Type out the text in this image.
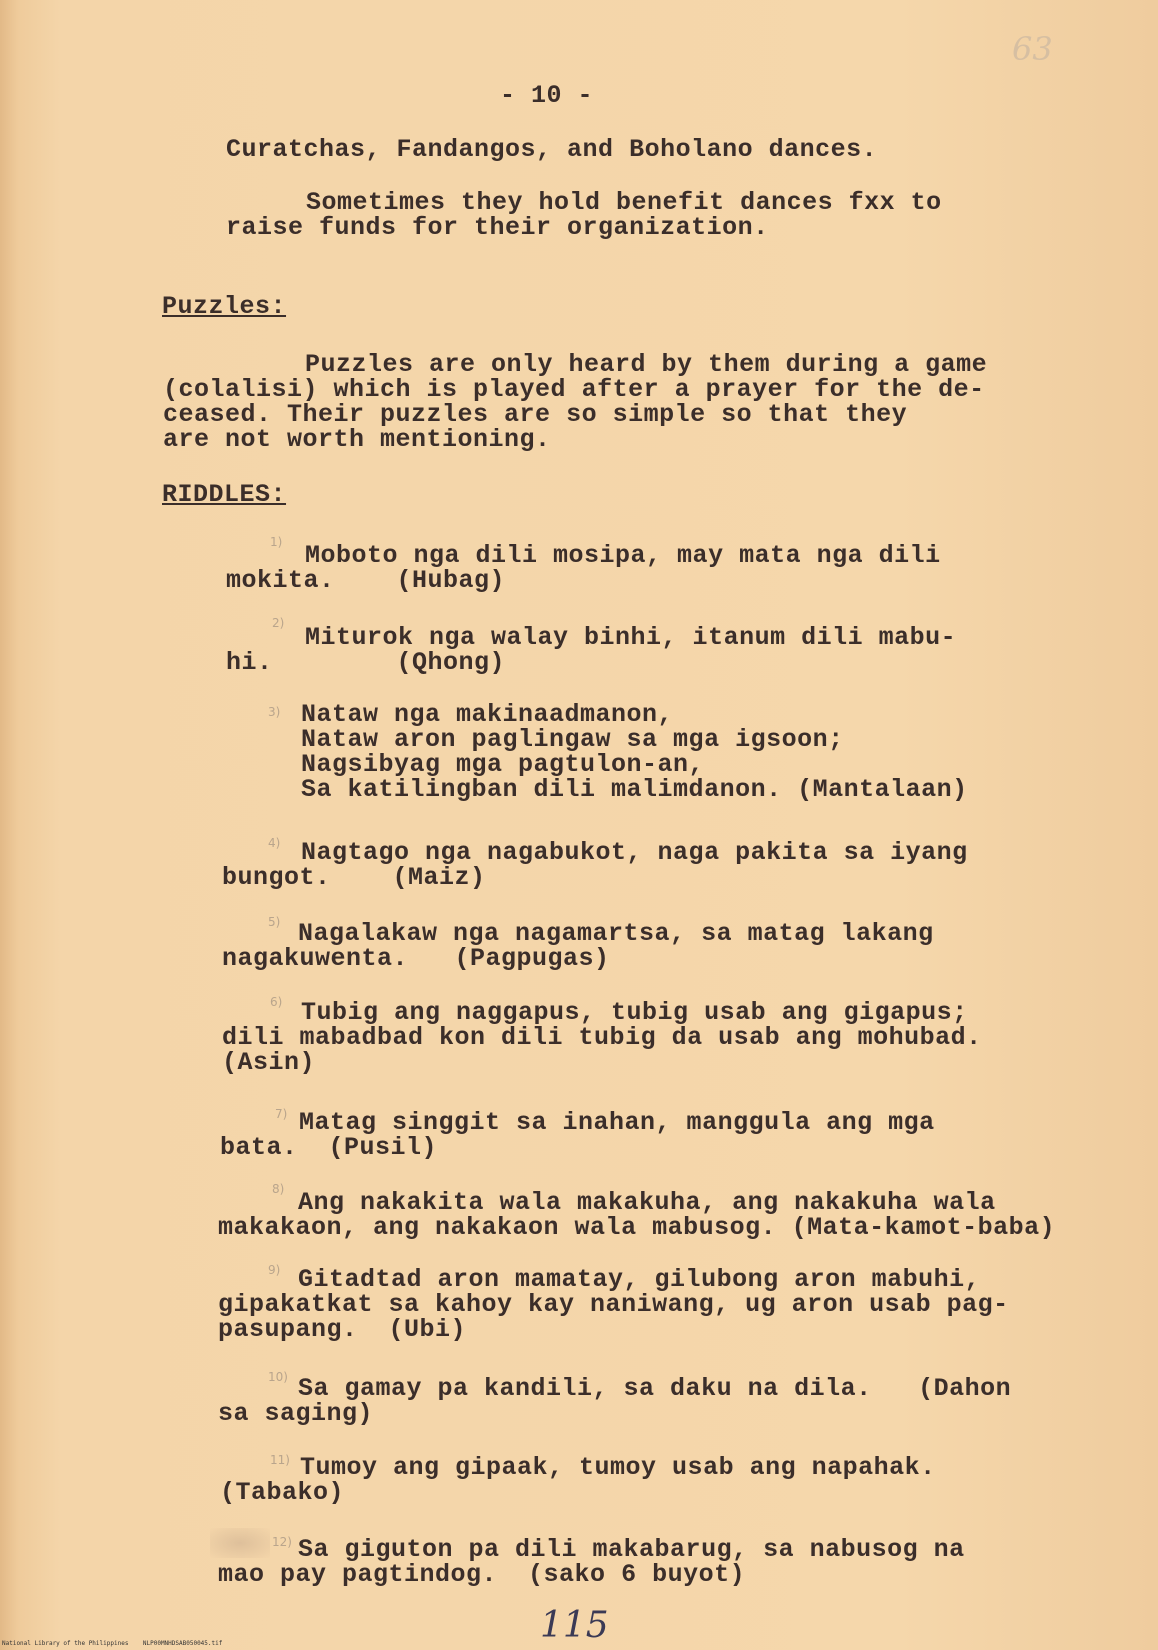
63
- 10 -
Curatchas, Fandangos, and Boholano dances.
Sometimes they hold benefit dances fxx to
raise funds for their organization.
Puzzles:
Puzzles are only heard by them during a game
(colalisi) which is played after a prayer for the de-
ceased. Their puzzles are so simple so that they
are not worth mentioning.
RIDDLES:
1) Moboto nga dili mosipa, may mata nga dili
mokita.    (Hubag)
2) Miturok nga walay binhi, itanum dili mabu-
hi.        (Qhong)
3) Nataw nga makinaadmanon,
Nataw aron paglingaw sa mga igsoon;
Nagsibyag mga pagtulon-an,
Sa katilingban dili malimdanon. (Mantalaan)
4) Nagtago nga nagabukot, naga pakita sa iyang
bungot.    (Maiz)
5) Nagalakaw nga nagamartsa, sa matag lakang
nagakuwenta.   (Pagpugas)
6) Tubig ang naggapus, tubig usab ang gigapus;
dili mabadbad kon dili tubig da usab ang mohubad.
(Asin)
7) Matag singgit sa inahan, manggula ang mga
bata.  (Pusil)
8) Ang nakakita wala makakuha, ang nakakuha wala
makakaon, ang nakakaon wala mabusog. (Mata-kamot-baba)
9) Gitadtad aron mamatay, gilubong aron mabuhi,
gipakatkat sa kahoy kay naniwang, ug aron usab pag-
pasupang.  (Ubi)
10) Sa gamay pa kandili, sa daku na dila.   (Dahon
sa saging)
11) Tumoy ang gipaak, tumoy usab ang napahak.
(Tabako)
12) Sa giguton pa dili makabarug, sa nabusog na
mao pay pagtindog.  (sako 6 buyot)
115
National Library of the Philippines    NLP00MNHDSAB050045.tif
